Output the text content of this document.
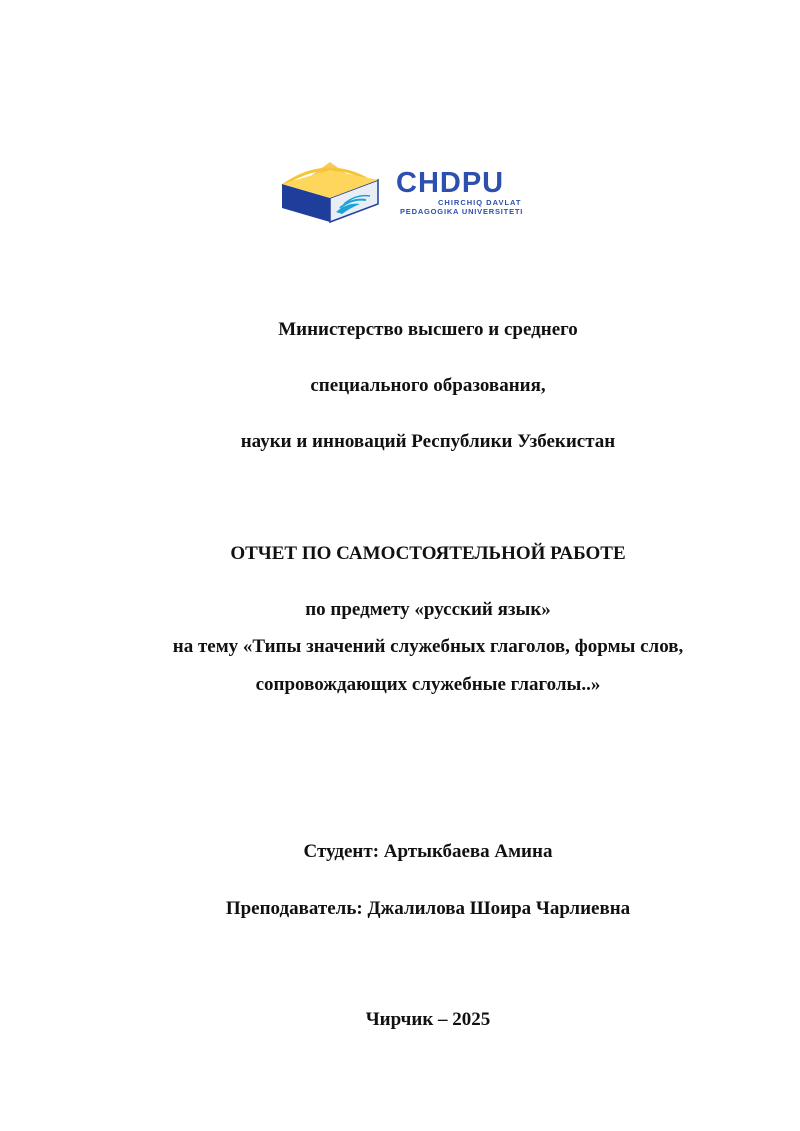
CHDPU
CHIRCHIQ DAVLAT
PEDAGOGIKA UNIVERSITETI
Министерство высшего и среднего
специального образования,
науки и инноваций Республики Узбекистан
ОТЧЕТ ПО САМОСТОЯТЕЛЬНОЙ РАБОТЕ
по предмету «русский язык»
на тему «Типы значений служебных глаголов, формы слов,
сопровождающих служебные глаголы..»
Студент: Артыкбаева Амина
Преподаватель: Джалилова Шоира Чарлиевна
Чирчик – 2025
